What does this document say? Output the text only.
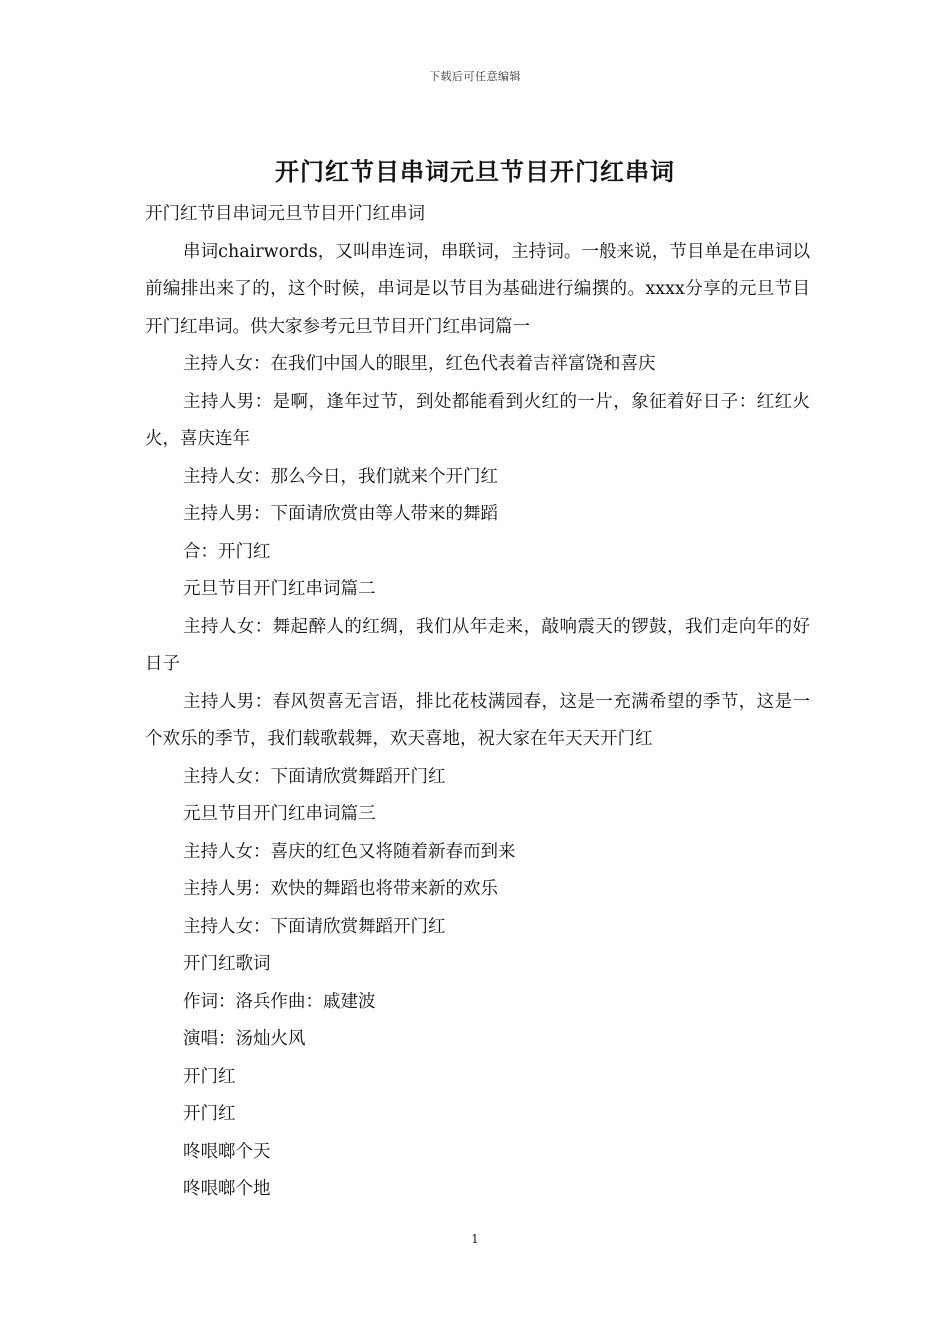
下载后可任意编辑
开门红节目串词元旦节目开门红串词

开门红节目串词元旦节目开门红串词

串词chairwords，又叫串连词，串联词，主持词。一般来说，节目单是在串词以前编排出来了的，这个时候，串词是以节目为基础进行编撰的。xxxx分享的元旦节目开门红串词。供大家参考元旦节目开门红串词篇一

主持人女：在我们中国人的眼里，红色代表着吉祥富饶和喜庆

主持人男：是啊，逢年过节，到处都能看到火红的一片，象征着好日子：红红火火，喜庆连年

主持人女：那么今日，我们就来个开门红

主持人男：下面请欣赏由等人带来的舞蹈

合：开门红

元旦节目开门红串词篇二

主持人女：舞起醉人的红绸，我们从年走来，敲响震天的锣鼓，我们走向年的好日子

主持人男：春风贺喜无言语，排比花枝满园春，这是一充满希望的季节，这是一个欢乐的季节，我们载歌载舞，欢天喜地，祝大家在年天天开门红

主持人女：下面请欣赏舞蹈开门红

元旦节目开门红串词篇三

主持人女：喜庆的红色又将随着新春而到来

主持人男：欢快的舞蹈也将带来新的欢乐

主持人女：下面请欣赏舞蹈开门红

开门红歌词

作词：洛兵作曲：戚建波

演唱：汤灿火风

开门红

开门红

咚哏啷个天

咚哏啷个地

1
